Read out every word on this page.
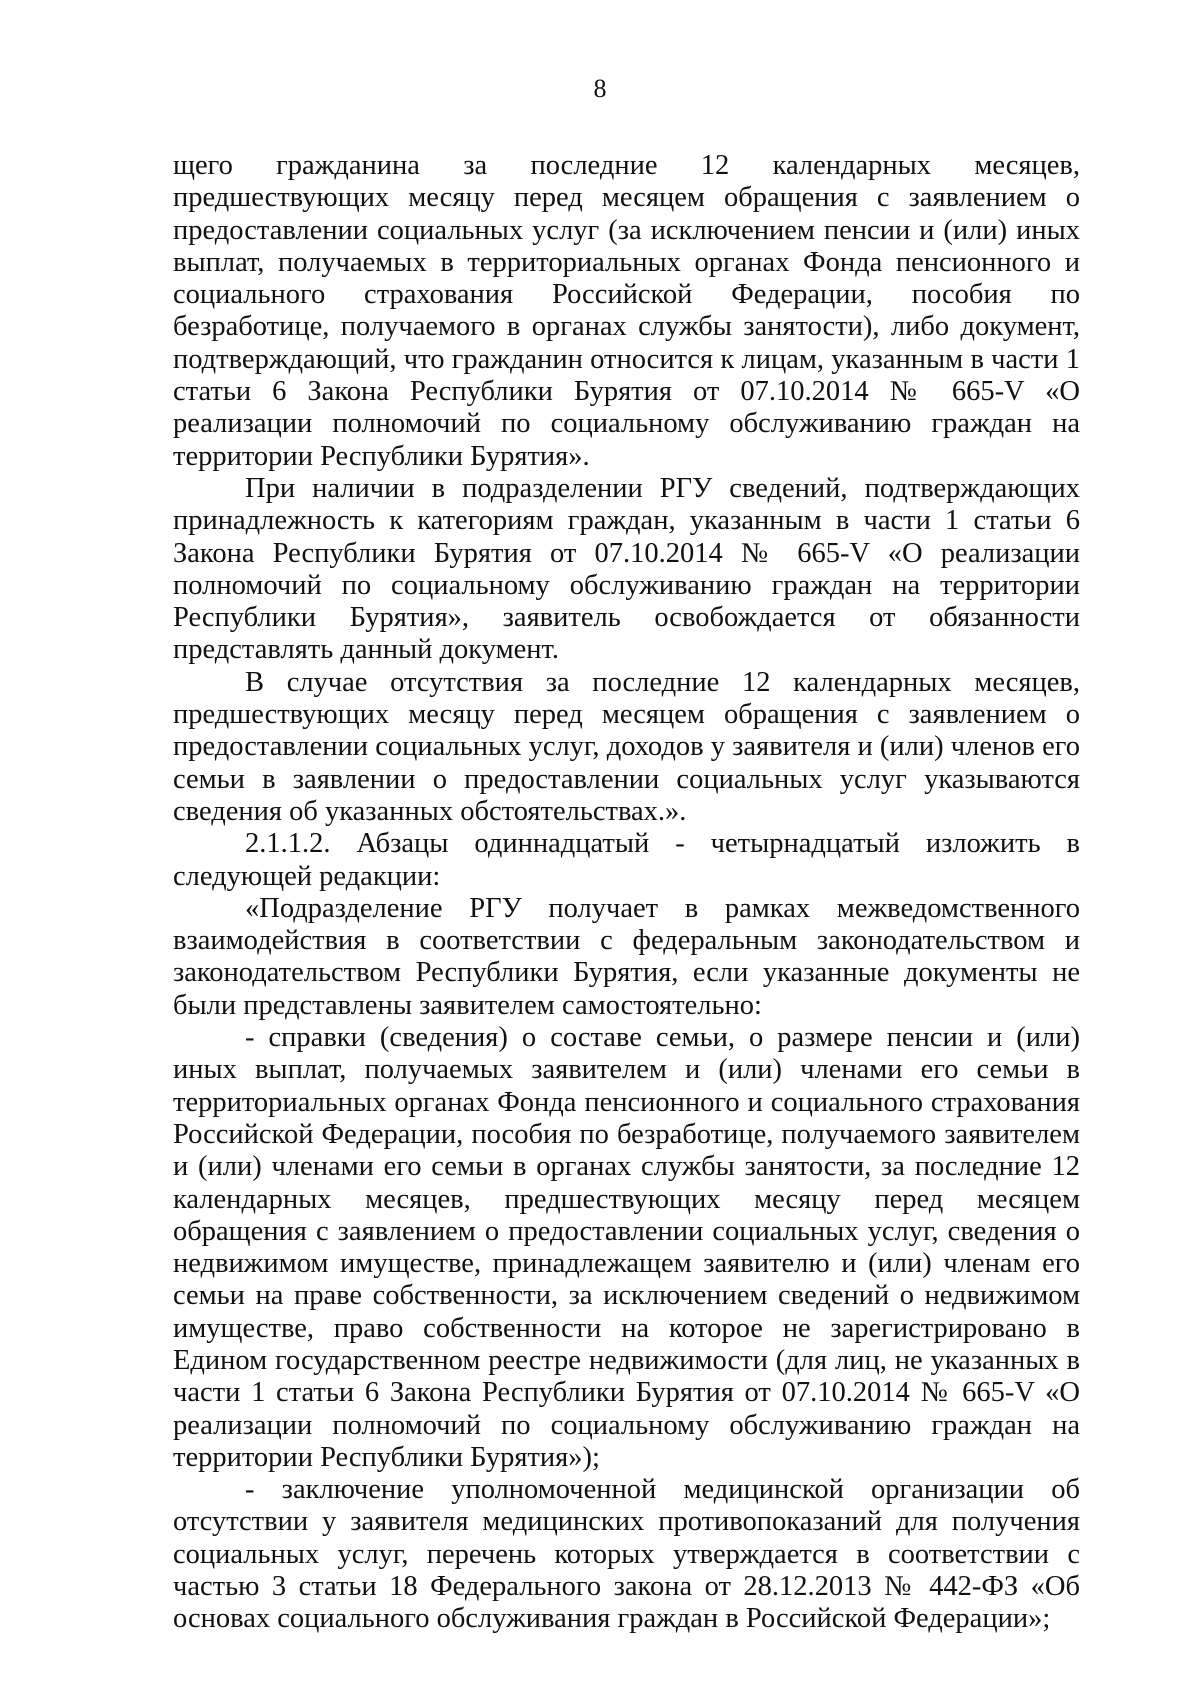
8

щего гражданина за последние 12 календарных месяцев, предшествующих месяцу перед месяцем обращения с заявлением о предоставлении социальных услуг (за исключением пенсии и (или) иных выплат, получаемых в территориальных органах Фонда пенсионного и социального страхования Российской Федерации, пособия по безработице, получаемого в органах службы занятости), либо документ, подтверждающий, что гражданин относится к лицам, указанным в части 1 статьи 6 Закона Республики Бурятия от 07.10.2014 № 665-V «О реализации полномочий по социальному обслуживанию граждан на территории Республики Бурятия».

При наличии в подразделении РГУ сведений, подтверждающих принадлежность к категориям граждан, указанным в части 1 статьи 6 Закона Республики Бурятия от 07.10.2014 № 665-V «О реализации полномочий по социальному обслуживанию граждан на территории Республики Бурятия», заявитель освобождается от обязанности представлять данный документ.

В случае отсутствия за последние 12 календарных месяцев, предшествующих месяцу перед месяцем обращения с заявлением о предоставлении социальных услуг, доходов у заявителя и (или) членов его семьи в заявлении о предоставлении социальных услуг указываются сведения об указанных обстоятельствах.».

2.1.1.2. Абзацы одиннадцатый - четырнадцатый изложить в следующей редакции:

«Подразделение РГУ получает в рамках межведомственного взаимодействия в соответствии с федеральным законодательством и законодательством Республики Бурятия, если указанные документы не были представлены заявителем самостоятельно:

- справки (сведения) о составе семьи, о размере пенсии и (или) иных выплат, получаемых заявителем и (или) членами его семьи в территориальных органах Фонда пенсионного и социального страхования Российской Федерации, пособия по безработице, получаемого заявителем и (или) членами его семьи в органах службы занятости, за последние 12 календарных месяцев, предшествующих месяцу перед месяцем обращения с заявлением о предоставлении социальных услуг, сведения о недвижимом имуществе, принадлежащем заявителю и (или) членам его семьи на праве собственности, за исключением сведений о недвижимом имуществе, право собственности на которое не зарегистрировано в Едином государственном реестре недвижимости (для лиц, не указанных в части 1 статьи 6 Закона Республики Бурятия от 07.10.2014 № 665-V «О реализации полномочий по социальному обслуживанию граждан на территории Республики Бурятия»);

- заключение уполномоченной медицинской организации об отсутствии у заявителя медицинских противопоказаний для получения социальных услуг, перечень которых утверждается в соответствии с частью 3 статьи 18 Федерального закона от 28.12.2013 № 442-ФЗ «Об основах социального обслуживания граждан в Российской Федерации»;
